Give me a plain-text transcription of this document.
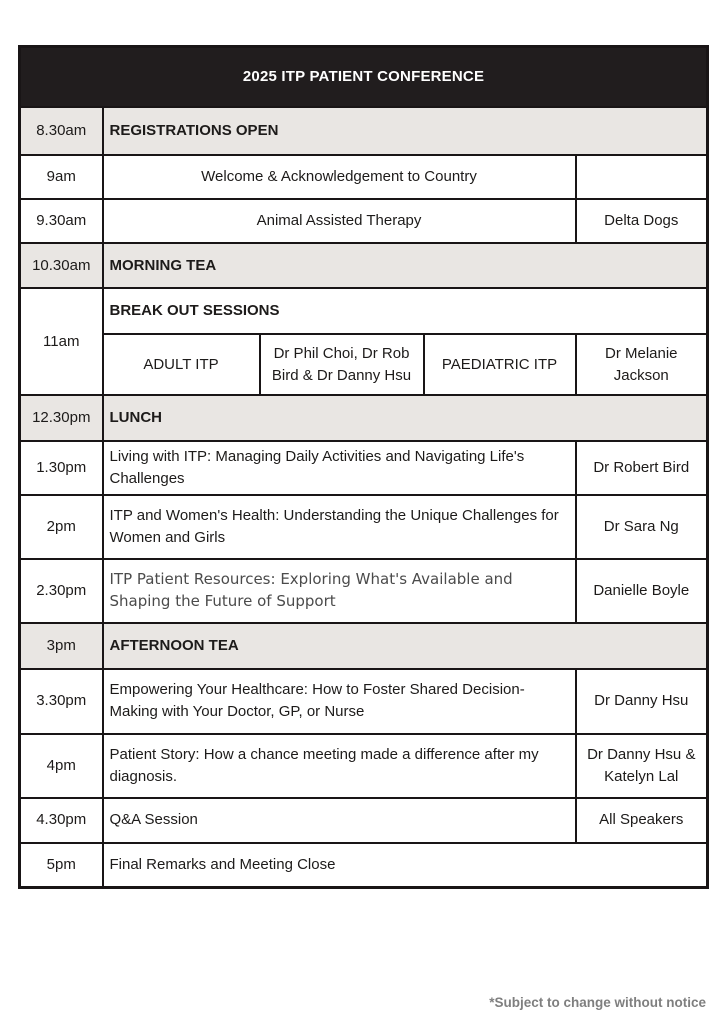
2025 ITP PATIENT CONFERENCE				
8.30am	REGISTRATIONS OPEN			
9am	Welcome & Acknowledgement to Country			
9.30am	Animal Assisted Therapy			Delta Dogs
10.30am	MORNING TEA			
11am	BREAK OUT SESSIONS			
	ADULT ITP	Dr Phil Choi, Dr Rob Bird & Dr Danny Hsu	PAEDIATRIC ITP	Dr Melanie Jackson
12.30pm	LUNCH			
1.30pm	Living with ITP: Managing Daily Activities and Navigating Life's Challenges			Dr Robert Bird
2pm	ITP and Women's Health: Understanding the Unique Challenges for Women and Girls			Dr Sara Ng
2.30pm	ITP Patient Resources: Exploring What's Available and Shaping the Future of Support			Danielle Boyle
3pm	AFTERNOON TEA			
3.30pm	Empowering Your Healthcare: How to Foster Shared Decision-Making with Your Doctor, GP, or Nurse			Dr Danny Hsu
4pm	Patient Story: How a chance meeting made a difference after my diagnosis.			Dr Danny Hsu & Katelyn Lal
4.30pm	Q&A Session			All Speakers
5pm	Final Remarks and Meeting Close			
*Subject to change without notice
